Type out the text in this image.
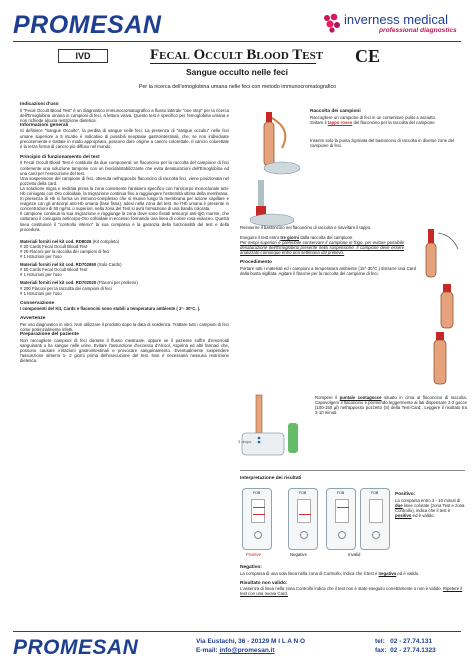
PROMESAN	inverness medical
professional diagnostics
IVD	Fecal Occult Blood Test	CE
Sangue occulto nelle feci
Per la ricerca dell'emoglobina umana nelle feci con metodo immunocromatografico
Indicazioni d'uso

Il "Fecal Occult Blood Test" è un diagnostico immunocromatografico a flusso laterale "one step" per la ricerca dell'Emoglobina umana in campioni di feci, a lettura visiva. Questo test è specifico per l'emoglobina umana e non richiede alcuna restrizione dietetica.

Informazioni generali

Si definisce "Sangue Occulto", la perdita di sangue nelle feci. La presenza di "sangue occulto" nelle feci umane superiore a 5 mL/die è indicativo di possibili neoplasie gastrointestinali, che, se non individuate precocemente e trattate in modo appropriato, possono dare origine a cancro colorettale. Il cancro colorettale è la terza forma di cancro più diffuso nel mondo.

Principio di funzionamento del test

Il Fecal Occult Blood Test è costituito da due componenti: un flaconcino per la raccolta del campione di feci contenente una soluzione tampone con un biocida/stabilizzante che evita denaturazioni dell'Emoglobina ed una card per l'esecuzione del test.

Una sospensione del campione di feci, ottenuta nell'apposito flaconcino di raccolta feci, viene posizionata nel pozzetto della card.

La soluzione migra e reidrata prima la zona contenente l'antisiero specifico con l'anticorpo monoclonale anti-Hb coniugato con Oro colloidale, la migrazione continua fino a raggiungere l'estremità ultima della membrana.

In presenza di Hb si forma un immuno-complesso che si muove lungo la membrana per azione capillare e reagisce con gli anticorpi anti-Hb umana (fase fissa), adesi nella zona del test. Se l'Hb umana è presente in concentrazioni di 50 ng/mL o superiori, nella zona del Test si avrà formazione di una banda colorata.

Il campione continua la sua migrazione e raggiunge la zona dove sono fissati anticorpi anti-IgG murine, che catturano il coniugato anticorpo-Oro colloidale in eccesso formando una linea di colore rosa-violaceo. Questa linea costituisce il "controllo interno" la sua comparsa è la garanzia della funzionalità del test e della procedura.

Materiali forniti nel kit cod. RD8026 (Kit completo)
# 20 Cards Fecal Occult Blood Test
# 20 Flaconi per la raccolta dei campioni di feci
# 1 Istruzioni per l'uso
Materiali forniti nel kit cod. RD702650 (Solo Cards)
# 50 Cards Fecal Occult Blood Test
# 1 Istruzioni per l'uso
Materiali forniti nel kit cod. RD702020 (Flaconi per prelievo)
# 200 Flaconi per la raccolta dei campioni di feci
# 1 Istruzioni per l'uso
Conservazione

I componenti del Kit, Cards e flaconcini sono stabili a temperatura ambiente ( 2°- 30°C. ).

Avvertenze

Per uso diagnostico in vitro. Non utilizzare il prodotto dopo la data di scadenza. Trattare tutti i campioni di feci come potenzialmente infetti.

Preparazione del paziente

Non raccogliere campioni di feci durante il flusso mestruale, oppure se il paziente soffre d'emorroidi sanguinanti o ha sangue nelle urine. Evitare l'assunzione d'eccesso d'Alcool, Aspirina ed altri farmaci che, possono causare irritazioni gastrointestinali e provocare sanguinamento. Eventualmente sospendere l'assunzione almeno 1- 2 giorni prima dell'esecuzione del test. Non è necessaria nessuna restrizione dietetica.

3 drops
Raccolta dei campioni

Raccogliere un campione di feci in un contenitore pulito e asciutto.

Svitare il tappo rosso del flaconcino per la raccolta del campione

Inserire solo la punta zigrinata del bastoncino di raccolta in diverse zone del campione di feci.

Reinserire il bastoncino nel flaconcino di raccolta e riavvitare il tappo.

Eseguire il test entro tre giorni dalla raccolta del campione.

Per tempi superiori è preferibile conservare il campione in frigo, per evitare possibile denaturazione dell'Emoglobina presente nella sospensione. Il campione deve essere analizzato comunque entro una settimana dal prelievo.

Procedimento

Portare tutti i materiali ed i campioni a temperatura ambiente (15°-30°C.) Estrarre una Card dalla busta sigillata. Agitare il flacone per la raccolta del campione di feci.

Rompere il puntale contagocce situato in cima al flaconcino di raccolta. Capovolgere il flaconcino e premendo leggermente ai lati dispensare 2-3 gocce (100-150 µl) nell'apposito pozzetto (S) della Test-Card;. Leggere il risultato tra 3-10 minuti.

Interpretazione dei risultati
FOB	FOB	FOB	FOB
Positive	Negative	Invalid
Positivo:

La comparsa entro 3 - 10 minuti di due linee colorate (zona Test e zona Controllo), indica che il test è positivo ed è valido.

Negativo:

La comparsa di una sola linea nella zona di Controllo, indica che il test è negativo ed è valido.

Risultato non valido:

L'assenza di linea nella zona Controllo indica che il test non è stato eseguito correttamente o non è valido. Ripetere il test con una nuova Card.

PROMESAN	Via Eustachi, 36 - 20129 M I L A N O
E-mail: info@promesan.it
tel:   02 - 27.74.131
fax:  02 - 27.74.1323
